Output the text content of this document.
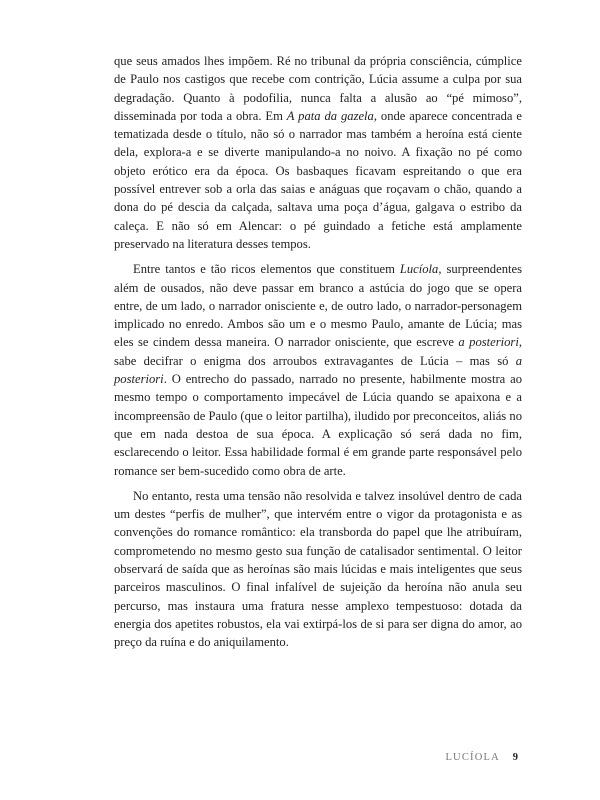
que seus amados lhes impõem. Ré no tribunal da própria consciência, cúmplice de Paulo nos castigos que recebe com contrição, Lúcia assume a culpa por sua degradação. Quanto à podofilia, nunca falta a alusão ao “pé mimoso”, disseminada por toda a obra. Em A pata da gazela, onde aparece concentrada e tematizada desde o título, não só o narrador mas também a heroína está ciente dela, explora-a e se diverte manipulando-a no noivo. A fixação no pé como objeto erótico era da época. Os basbaques ficavam espreitando o que era possível entrever sob a orla das saias e anáguas que roçavam o chão, quando a dona do pé descia da calçada, saltava uma poça d’água, galgava o estribo da caleça. E não só em Alencar: o pé guindado a fetiche está amplamente preservado na literatura desses tempos.

Entre tantos e tão ricos elementos que constituem Lucíola, surpreendentes além de ousados, não deve passar em branco a astúcia do jogo que se opera entre, de um lado, o narrador onisciente e, de outro lado, o narrador-personagem implicado no enredo. Ambos são um e o mesmo Paulo, amante de Lúcia; mas eles se cindem dessa maneira. O narrador onisciente, que escreve a posteriori, sabe decifrar o enigma dos arroubos extravagantes de Lúcia – mas só a posteriori. O entrecho do passado, narrado no presente, habilmente mostra ao mesmo tempo o comportamento impecável de Lúcia quando se apaixona e a incompreensão de Paulo (que o leitor partilha), iludido por preconceitos, aliás no que em nada destoa de sua época. A explicação só será dada no fim, esclarecendo o leitor. Essa habilidade formal é em grande parte responsável pelo romance ser bem-sucedido como obra de arte.

No entanto, resta uma tensão não resolvida e talvez insolúvel dentro de cada um destes “perfis de mulher”, que intervém entre o vigor da protagonista e as convenções do romance romântico: ela transborda do papel que lhe atribuíram, comprometendo no mesmo gesto sua função de catalisador sentimental. O leitor observará de saída que as heroínas são mais lúcidas e mais inteligentes que seus parceiros masculinos. O final infalível de sujeição da heroína não anula seu percurso, mas instaura uma fratura nesse amplexo tempestuoso: dotada da energia dos apetites robustos, ela vai extirpá-los de si para ser digna do amor, ao preço da ruína e do aniquilamento.

LUCÍOLA 9
